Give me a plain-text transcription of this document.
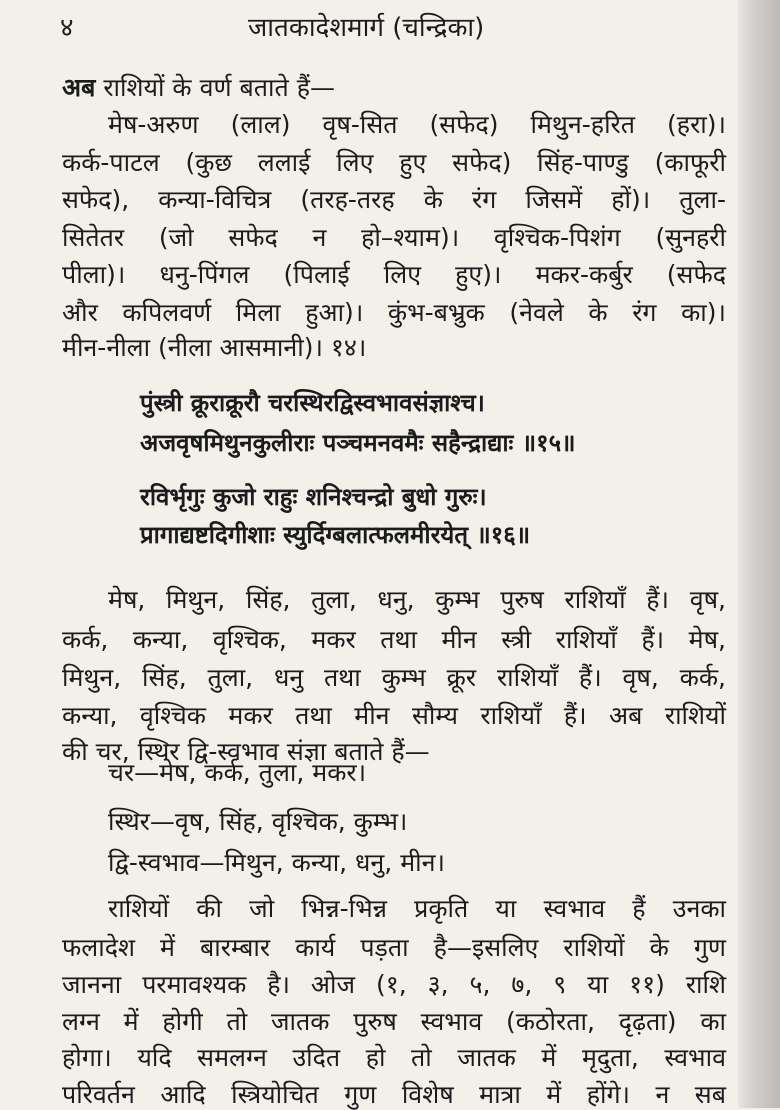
४	जातकादेशमार्ग (चन्द्रिका)
अब राशियों के वर्ण बताते हैं—
मेष-अरुण (लाल) वृष-सित (सफेद) मिथुन-हरित (हरा)।
कर्क-पाटल (कुछ ललाई लिए हुए सफेद) सिंह-पाण्डु (काफूरी
सफेद), कन्या-विचित्र (तरह-तरह के रंग जिसमें हों)। तुला-
सितेतर (जो सफेद न हो–श्याम)। वृश्चिक-पिशंग (सुनहरी
पीला)। धनु-पिंगल (पिलाई लिए हुए)। मकर-कर्बुर (सफेद
और कपिलवर्ण मिला हुआ)। कुंभ-बभ्रुक (नेवले के रंग का)।
मीन-नीला (नीला आसमानी)। १४।
पुंस्त्री क्रूराक्रूरौ चरस्थिरद्विस्वभावसंज्ञाश्च।
अजवृषमिथुनकुलीराः पञ्चमनवमैः सहैन्द्राद्याः ॥१५॥
रविर्भृगुः कुजो राहुः शनिश्चन्द्रो बुधो गुरुः।
प्रागाद्यष्टदिगीशाः स्युर्दिग्बलात्फलमीरयेत् ॥१६॥
मेष, मिथुन, सिंह, तुला, धनु, कुम्भ पुरुष राशियाँ हैं। वृष,
कर्क, कन्या, वृश्चिक, मकर तथा मीन स्त्री राशियाँ हैं। मेष,
मिथुन, सिंह, तुला, धनु तथा कुम्भ क्रूर राशियाँ हैं। वृष, कर्क,
कन्या, वृश्चिक मकर तथा मीन सौम्य राशियाँ हैं। अब राशियों
की चर, स्थिर द्वि-स्वभाव संज्ञा बताते हैं—
चर—मेष, कर्क, तुला, मकर।
स्थिर—वृष, सिंह, वृश्चिक, कुम्भ।
द्वि-स्वभाव—मिथुन, कन्या, धनु, मीन।
राशियों की जो भिन्न-भिन्न प्रकृति या स्वभाव हैं उनका
फलादेश में बारम्बार कार्य पड़ता है—इसलिए राशियों के गुण
जानना परमावश्यक है। ओज (१, ३, ५, ७, ९ या ११) राशि
लग्न में होगी तो जातक पुरुष स्वभाव (कठोरता, दृढ़ता) का
होगा। यदि समलग्न उदित हो तो जातक में मृदुता, स्वभाव
परिवर्तन आदि स्त्रियोचित गुण विशेष मात्रा में होंगे। न सब
